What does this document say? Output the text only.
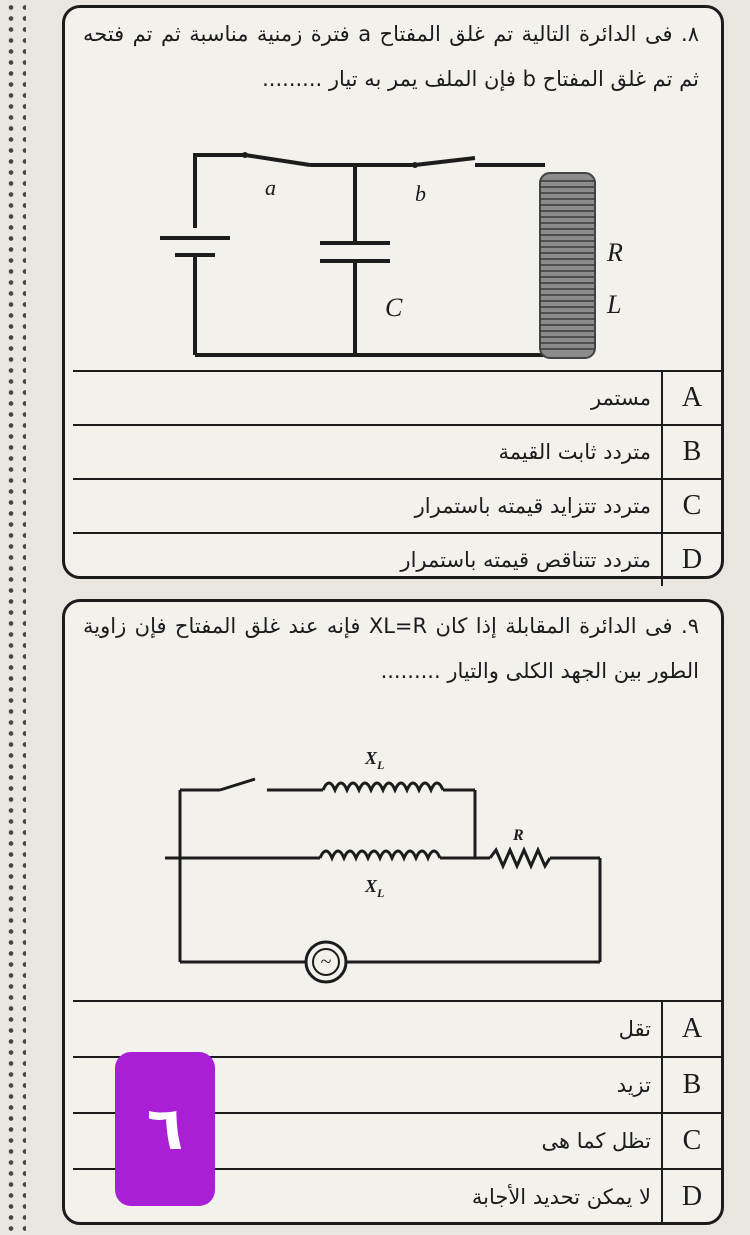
٨. فى الدائرة التالية تم غلق المفتاح a فترة زمنية مناسبة ثم تم فتحه ثم تم غلق المفتاح b فإن الملف يمر به تيار .........
a	b
C
R
L
مستمر	A
متردد ثابت القيمة	B
متردد تتزايد قيمته باستمرار	C
متردد تتناقص قيمته باستمرار	D
٩. فى الدائرة المقابلة إذا كان XL=R فإنه عند غلق المفتاح فإن زاوية الطور بين الجهد الكلى والتيار .........
~
$X_L$
$X_L$
R
تقل	A
تزيد	B
تظل كما هى	C
لا يمكن تحديد الأجابة	D
٦
